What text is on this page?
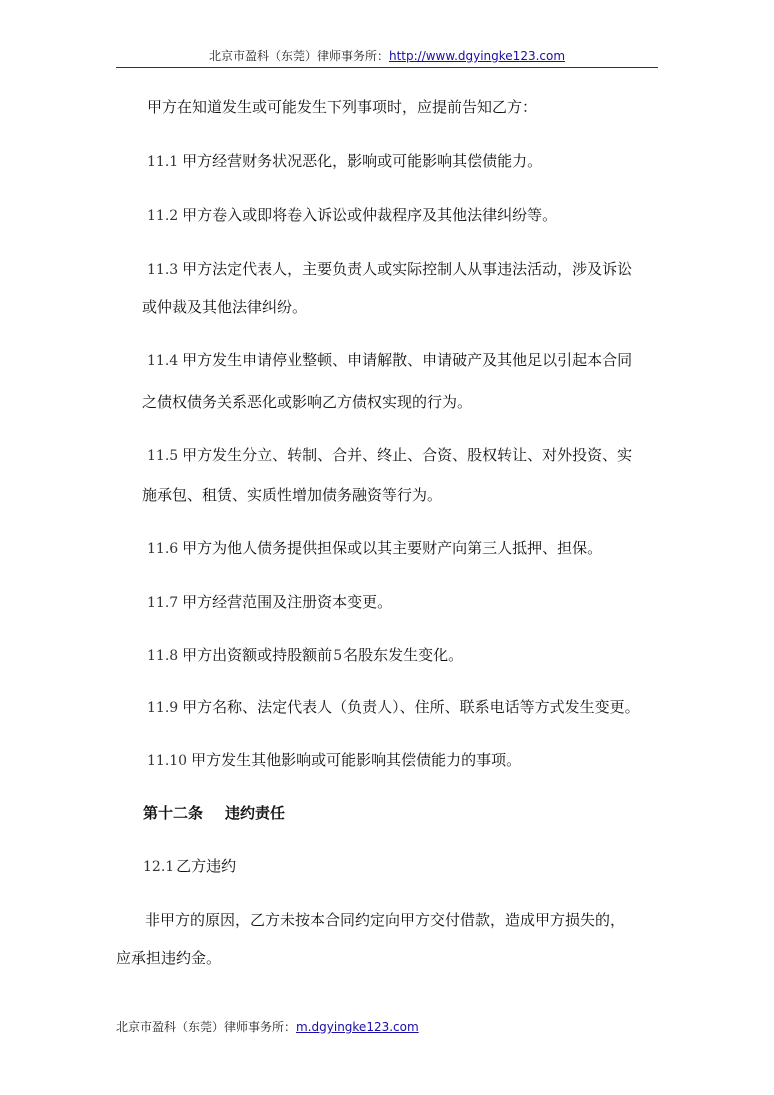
北京市盈科（东莞）律师事务所：http://www.dgyingke123.com
甲方在知道发生或可能发生下列事项时，应提前告知乙方：
11.1 甲方经营财务状况恶化，影响或可能影响其偿债能力。
11.2 甲方卷入或即将卷入诉讼或仲裁程序及其他法律纠纷等。
11.3 甲方法定代表人，主要负责人或实际控制人从事违法活动，涉及诉讼
或仲裁及其他法律纠纷。
11.4 甲方发生申请停业整顿、申请解散、申请破产及其他足以引起本合同
之债权债务关系恶化或影响乙方债权实现的行为。
11.5 甲方发生分立、转制、合并、终止、合资、股权转让、对外投资、实
施承包、租赁、实质性增加债务融资等行为。
11.6 甲方为他人债务提供担保或以其主要财产向第三人抵押、担保。
11.7 甲方经营范围及注册资本变更。
11.8 甲方出资额或持股额前5名股东发生变化。
11.9 甲方名称、法定代表人（负责人）、住所、联系电话等方式发生变更。
11.10 甲方发生其他影响或可能影响其偿债能力的事项。
第十二条 违约责任
12.1 乙方违约
非甲方的原因，乙方未按本合同约定向甲方交付借款，造成甲方损失的，
应承担违约金。
北京市盈科（东莞）律师事务所：m.dgyingke123.com
